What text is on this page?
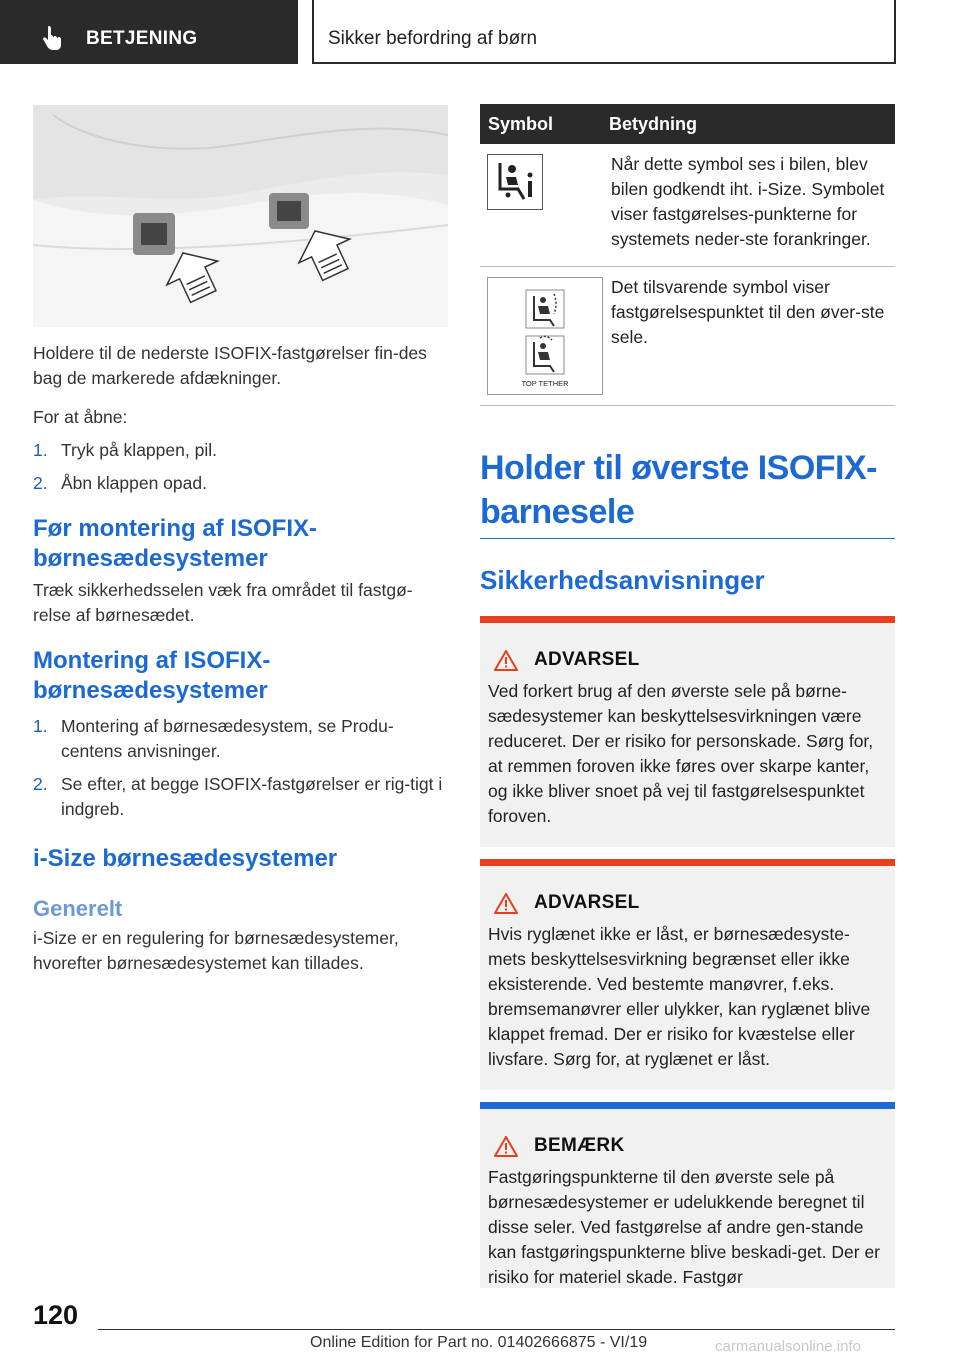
BETJENING	Sikker befordring af børn

Holdere til de nederste ISOFIX-fastgørelser fin-des bag de markerede afdækninger.

For at åbne:

1. Tryk på klappen, pil.
2. Åbn klappen opad.
Før montering af ISOFIX-børnesædesystemer

Træk sikkerhedsselen væk fra området til fastgø-relse af børnesædet.

Montering af ISOFIX-børnesædesystemer
1. Montering af børnesædesystem, se Produ-centens anvisninger.
2. Se efter, at begge ISOFIX-fastgørelser er rig-tigt i indgreb.
i-Size børnesædesystemer
Generelt

i-Size er en regulering for børnesædesystemer, hvorefter børnesædesystemet kan tillades.

Symbol	Betydning

	Når dette symbol ses i bilen, blev bilen godkendt iht. i-Size. Symbolet viser fastgørelses-punkterne for systemets neder-ste forankringer.

TOP TETHER	Det tilsvarende symbol viser fastgørelsespunktet til den øver-ste sele.
Holder til øverste ISOFIX-barnesele
Sikkerhedsanvisninger
ADVARSEL

Ved forkert brug af den øverste sele på børne-sædesystemer kan beskyttelsesvirkningen være reduceret. Der er risiko for personskade. Sørg for, at remmen foroven ikke føres over skarpe kanter, og ikke bliver snoet på vej til fastgørelsespunktet foroven.

ADVARSEL

Hvis ryglænet ikke er låst, er børnesædesyste-mets beskyttelsesvirkning begrænset eller ikke eksisterende. Ved bestemte manøvrer, f.eks. bremsemanøvrer eller ulykker, kan ryglænet blive klappet fremad. Der er risiko for kvæstelse eller livsfare. Sørg for, at ryglænet er låst.

BEMÆRK

Fastgøringspunkterne til den øverste sele på børnesædesystemer er udelukkende beregnet til disse seler. Ved fastgørelse af andre gen-stande kan fastgøringspunkterne blive beskadi-get. Der er risiko for materiel skade. Fastgør

120
Online Edition for Part no. 01402666875 - VI/19	carmanualsonline.info
